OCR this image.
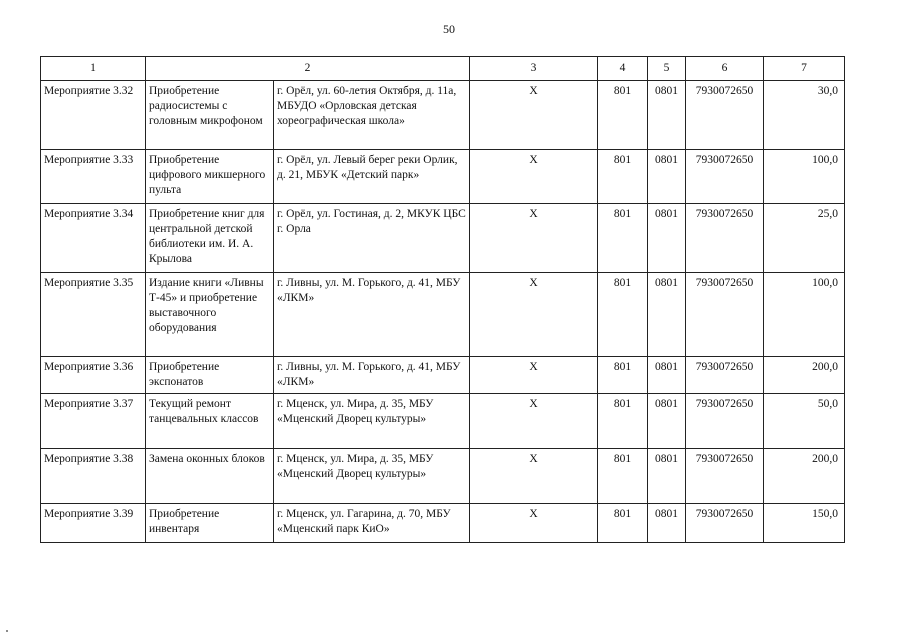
50
1	2		3	4	5	6	7
Мероприятие 3.32	Приобретение радиосистемы с головным микрофоном	г. Орёл, ул. 60-летия Октября, д. 11а, МБУДО «Орловская детская хореографическая школа»	X	801	0801	7930072650	30,0
Мероприятие 3.33	Приобретение цифрового микшерного пульта	г. Орёл, ул. Левый берег реки Орлик, д. 21, МБУК «Детский парк»	X	801	0801	7930072650	100,0
Мероприятие 3.34	Приобретение книг для центральной детской библиотеки им. И. А. Крылова	г. Орёл, ул. Гостиная, д. 2, МКУК ЦБС г. Орла	X	801	0801	7930072650	25,0
Мероприятие 3.35	Издание книги «Ливны Т-45» и приобретение выставочного оборудования	г. Ливны, ул. М. Горького, д. 41, МБУ «ЛКМ»	X	801	0801	7930072650	100,0
Мероприятие 3.36	Приобретение экспонатов	г. Ливны, ул. М. Горького, д. 41, МБУ «ЛКМ»	X	801	0801	7930072650	200,0
Мероприятие 3.37	Текущий ремонт танцевальных классов	г. Мценск, ул. Мира, д. 35, МБУ «Мценский Дворец культуры»	X	801	0801	7930072650	50,0
Мероприятие 3.38	Замена оконных блоков	г. Мценск, ул. Мира, д. 35, МБУ «Мценский Дворец культуры»	X	801	0801	7930072650	200,0
Мероприятие 3.39	Приобретение инвентаря	г. Мценск, ул. Гагарина, д. 70, МБУ «Мценский парк КиО»	X	801	0801	7930072650	150,0
